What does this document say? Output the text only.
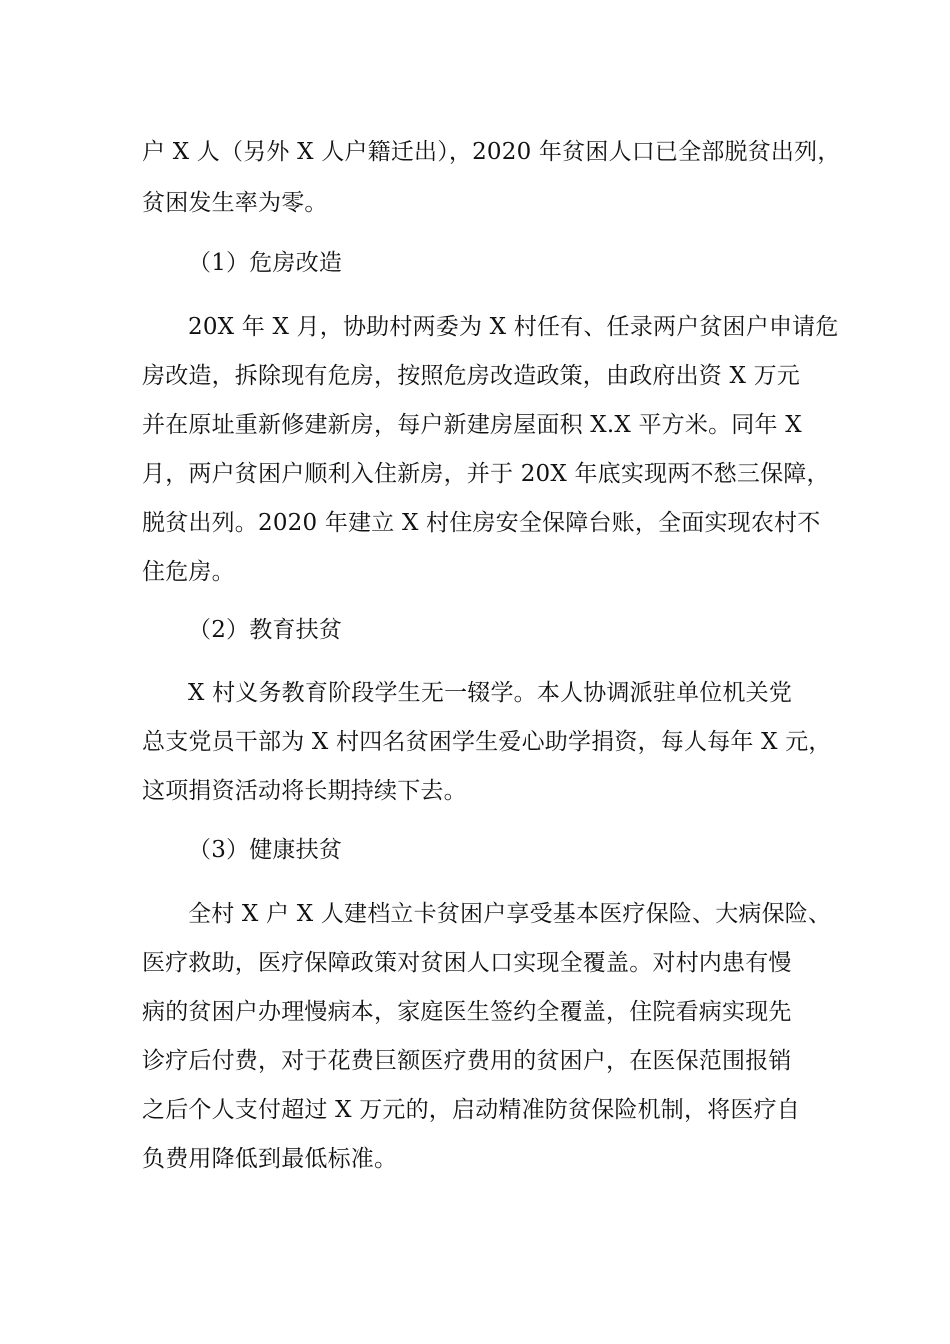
户 X 人（另外 X 人户籍迁出），2020 年贫困人口已全部脱贫出列，
贫困发生率为零。
（1）危房改造
20X 年 X 月，协助村两委为 X 村任有、任录两户贫困户申请危
房改造，拆除现有危房，按照危房改造政策，由政府出资 X 万元
并在原址重新修建新房，每户新建房屋面积 X.X 平方米。同年 X
月，两户贫困户顺利入住新房，并于 20X 年底实现两不愁三保障，
脱贫出列。2020 年建立 X 村住房安全保障台账，全面实现农村不
住危房。
（2）教育扶贫
X 村义务教育阶段学生无一辍学。本人协调派驻单位机关党
总支党员干部为 X 村四名贫困学生爱心助学捐资，每人每年 X 元，
这项捐资活动将长期持续下去。
（3）健康扶贫
全村 X 户 X 人建档立卡贫困户享受基本医疗保险、大病保险、
医疗救助，医疗保障政策对贫困人口实现全覆盖。对村内患有慢
病的贫困户办理慢病本，家庭医生签约全覆盖，住院看病实现先
诊疗后付费，对于花费巨额医疗费用的贫困户，在医保范围报销
之后个人支付超过 X 万元的，启动精准防贫保险机制，将医疗自
负费用降低到最低标准。
